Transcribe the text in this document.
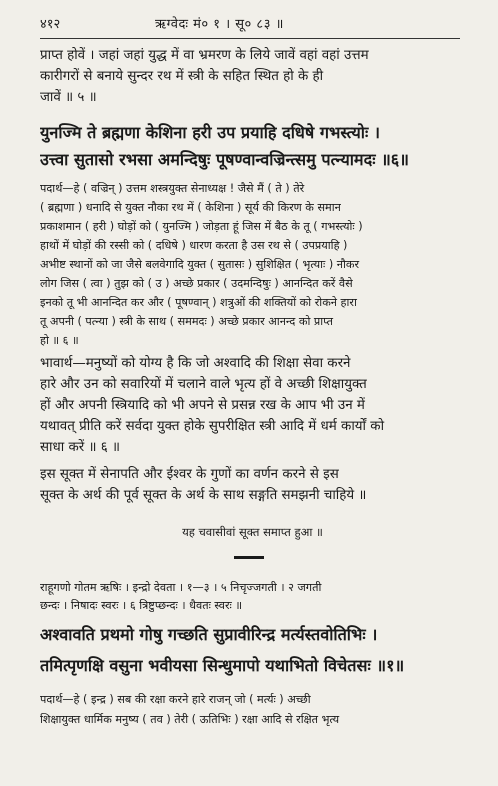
४१२	ऋग्वेदः मं० १ । सू० ८३ ॥
प्राप्त होवें । जहां जहां युद्ध में वा भ्रमरण के लिये जावें वहां वहां उत्तम
कारीगरों से बनाये सुन्दर रथ में स्त्री के सहित स्थित हो के ही
जावें ॥ ५ ॥
युनज्मि ते ब्रह्मणा केशिना हरी उप प्रयाहि दधिषे गभस्त्योः ।
उत्त्वा सुतासो रभसा अमन्दिषुः पूषण्वान्वज्रिन्त्समु पत्न्यामदः ॥६॥
पदार्थ—हे ( वज्रिन् ) उत्तम शस्त्रयुक्त सेनाध्यक्ष ! जैसे मैं ( ते ) तेरे
( ब्रह्मणा ) धनादि से युक्त नौका रथ में ( केशिना ) सूर्य की किरण के समान
प्रकाशमान ( हरी ) घोड़ों को ( युनज्मि ) जोड़ता हूं जिस में बैठ के तू ( गभस्त्योः )
हाथों में घोड़ों की रस्सी को ( दधिषे ) धारण करता है उस रथ से ( उपप्रयाहि )
अभीष्ट स्थानों को जा जैसे बलवेगादि युक्त ( सुतासः ) सुशिक्षित ( भृत्याः ) नौकर
लोग जिस ( त्वा ) तुझ को ( उ ) अच्छे प्रकार ( उदमन्दिषुः ) आनन्दित करें वैसे
इनको तू भी आनन्दित कर और ( पूषण्वान् ) शत्रुओं की शक्तियों को रोकने हारा
तू अपनी ( पत्न्या ) स्त्री के साथ ( सममदः ) अच्छे प्रकार आनन्द को प्राप्त
हो ॥ ६ ॥
भावार्थ—मनुष्यों को योग्य है कि जो अश्वादि की शिक्षा सेवा करने
हारे और उन को सवारियों में चलाने वाले भृत्य हों वे अच्छी शिक्षायुक्त
हों और अपनी स्त्रियादि को भी अपने से प्रसन्न रख के आप भी उन में
यथावत् प्रीति करें सर्वदा युक्त होके सुपरीक्षित स्त्री आदि में धर्म कार्यों को
साधा करें ॥ ६ ॥
इस सूक्त में सेनापति और ईश्वर के गुणों का वर्णन करने से इस
सूक्त के अर्थ की पूर्व सूक्त के अर्थ के साथ सङ्गति समझनी चाहिये ॥
यह चवासीवां सूक्त समाप्त हुआ ॥
राहूगणो गोतम ऋषिः । इन्द्रो देवता । १—३ । ५ निचृज्जगती । २ जगती
छन्दः । निषादः स्वरः । ६ त्रिष्टुप्छन्दः । धैवतः स्वरः ॥
अश्वावति प्रथमो गोषु गच्छति सुप्रावीरिन्द्र मर्त्यस्तवोतिभिः ।
तमित्पृणक्षि वसुना भवीयसा सिन्धुमापो यथाभितो विचेतसः ॥१॥
पदार्थ—हे ( इन्द्र ) सब की रक्षा करने हारे राजन् जो ( मर्त्यः ) अच्छी
शिक्षायुक्त धार्मिक मनुष्य ( तव ) तेरी ( ऊतिभिः ) रक्षा आदि से रक्षित भृत्य
